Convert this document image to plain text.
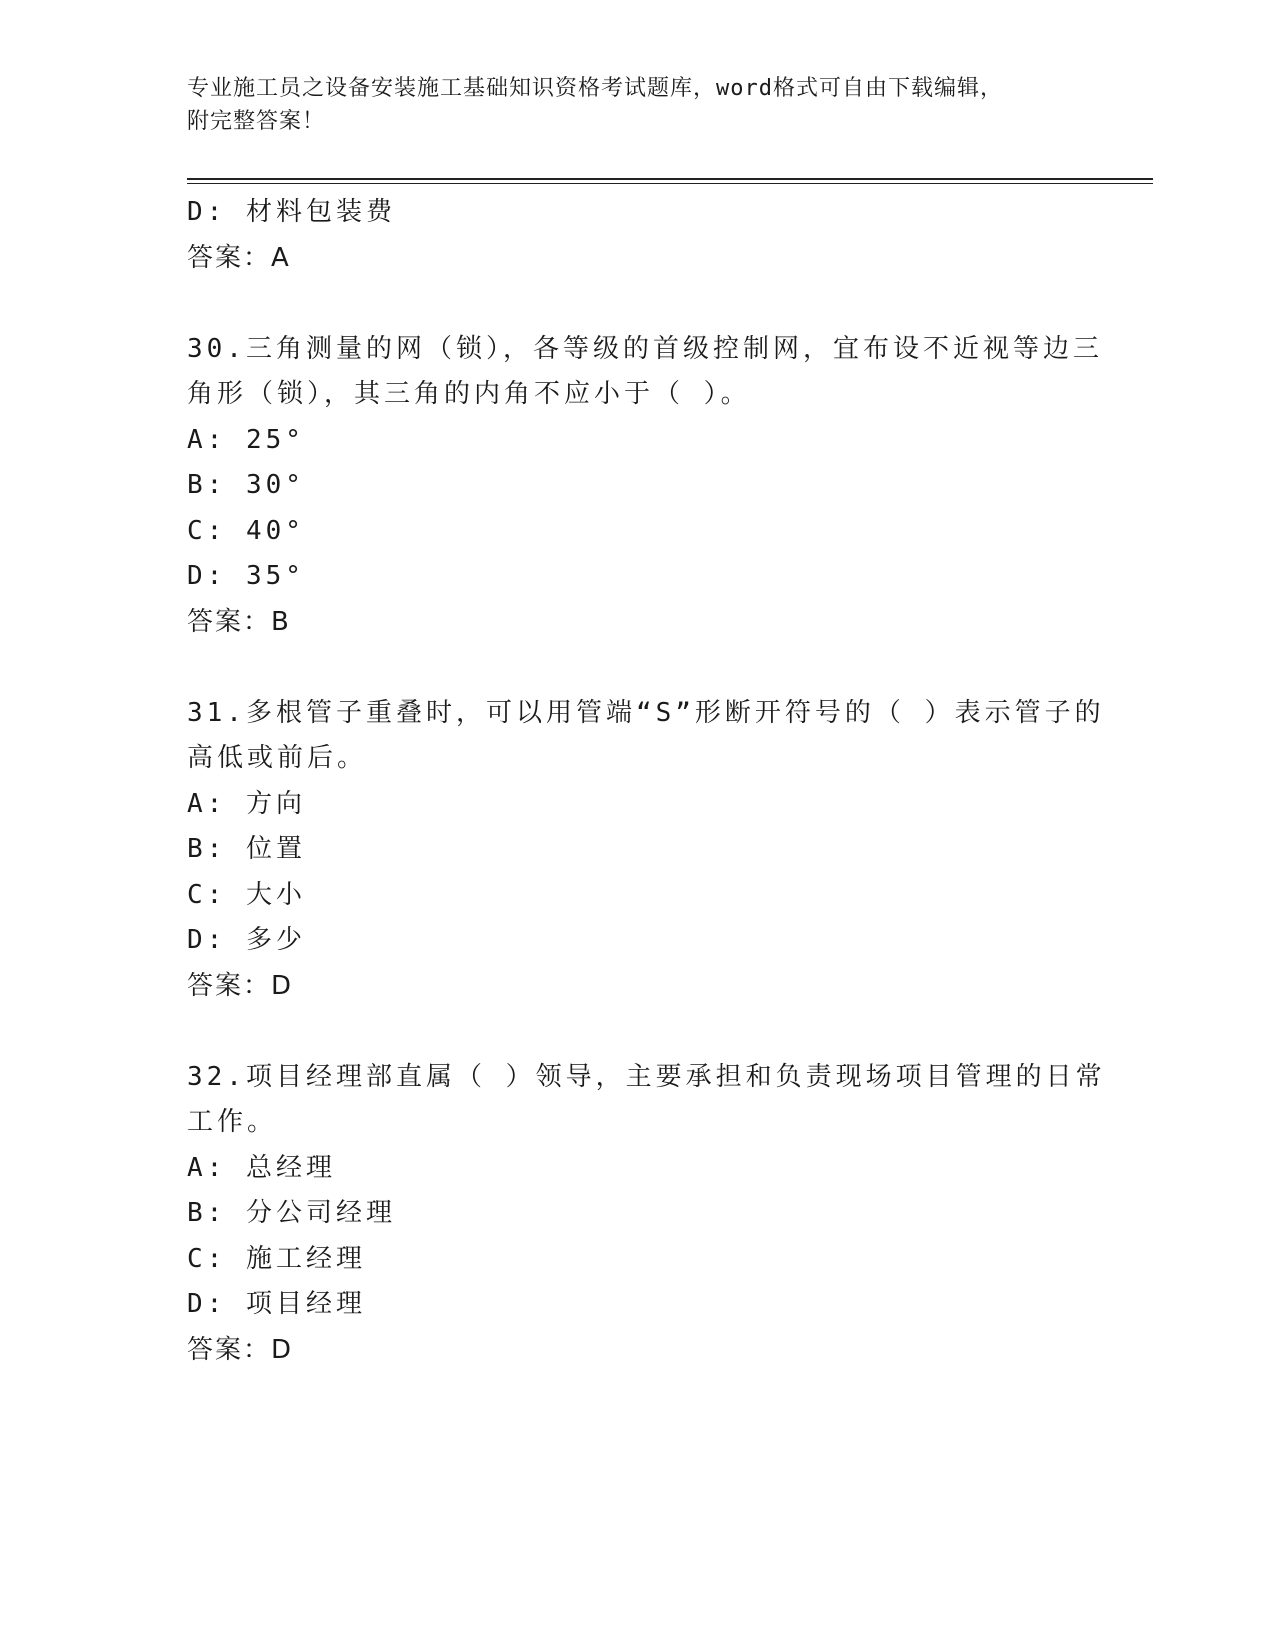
专业施工员之设备安装施工基础知识资格考试题库，word格式可自由下载编辑，
附完整答案！
D: 材料包装费
答案：A
30.三角测量的网（锁），各等级的首级控制网，宜布设不近视等边三
角形（锁），其三角的内角不应小于（ ）。
A: 25°
B: 30°
C: 40°
D: 35°
答案：B
31.多根管子重叠时，可以用管端“S”形断开符号的（ ）表示管子的
高低或前后。
A: 方向
B: 位置
C: 大小
D: 多少
答案：D
32.项目经理部直属（ ）领导，主要承担和负责现场项目管理的日常
工作。
A: 总经理
B: 分公司经理
C: 施工经理
D: 项目经理
答案：D
